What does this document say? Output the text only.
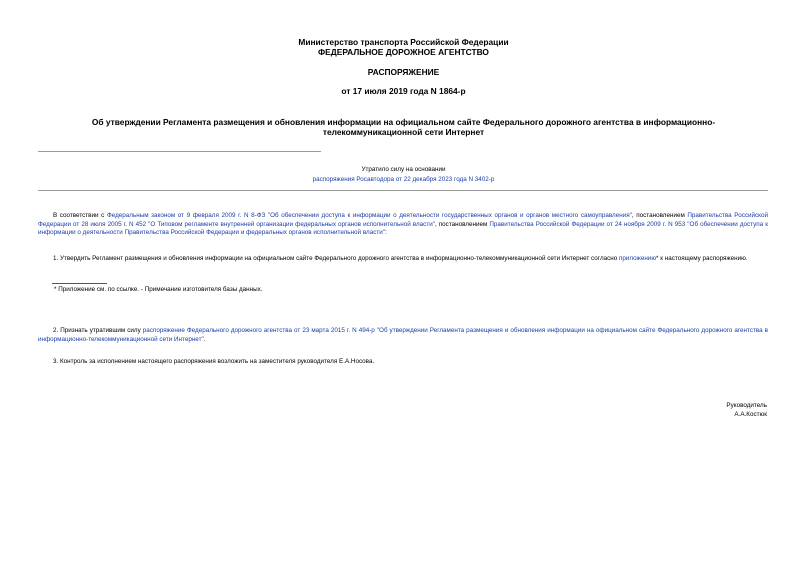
Министерство транспорта Российской Федерации
ФЕДЕРАЛЬНОЕ ДОРОЖНОЕ АГЕНТСТВО
РАСПОРЯЖЕНИЕ
от 17 июля 2019 года N 1864-р
Об утверждении Регламента размещения и обновления информации на официальном сайте Федерального дорожного агентства в информационно-
телекоммуникационной сети Интернет
Утратило силу на основании
распоряжения Росавтодора от 22 декабря 2023 года N 3402-р
В соответствии с Федеральным законом от 9 февраля 2009 г. N 8-ФЗ "Об обеспечении доступа к информации о деятельности государственных органов и органов местного самоуправления", постановлением Правительства Российской Федерации от 28 июля 2005 г. N 452 "О Типовом регламенте внутренней организации федеральных органов исполнительной власти", постановлением Правительства Российской Федерации от 24 ноября 2009 г. N 953 "Об обеспечении доступа к информации о деятельности Правительства Российской Федерации и федеральных органов исполнительной власти":
1. Утвердить Регламент размещения и обновления информации на официальном сайте Федерального дорожного агентства в информационно-телекоммуникационной сети Интернет согласно приложению* к настоящему распоряжению.
* Приложение см. по ссылке. - Примечание изготовителя базы данных.
2. Признать утратившим силу распоряжение Федерального дорожного агентства от 23 марта 2015 г. N 494-р "Об утверждении Регламента размещения и обновления информации на официальном сайте Федерального дорожного агентства в информационно-телекоммуникационной сети Интернет".
3. Контроль за исполнением настоящего распоряжения возложить на заместителя руководителя Е.А.Носова.
Руководитель
А.А.Костюк
